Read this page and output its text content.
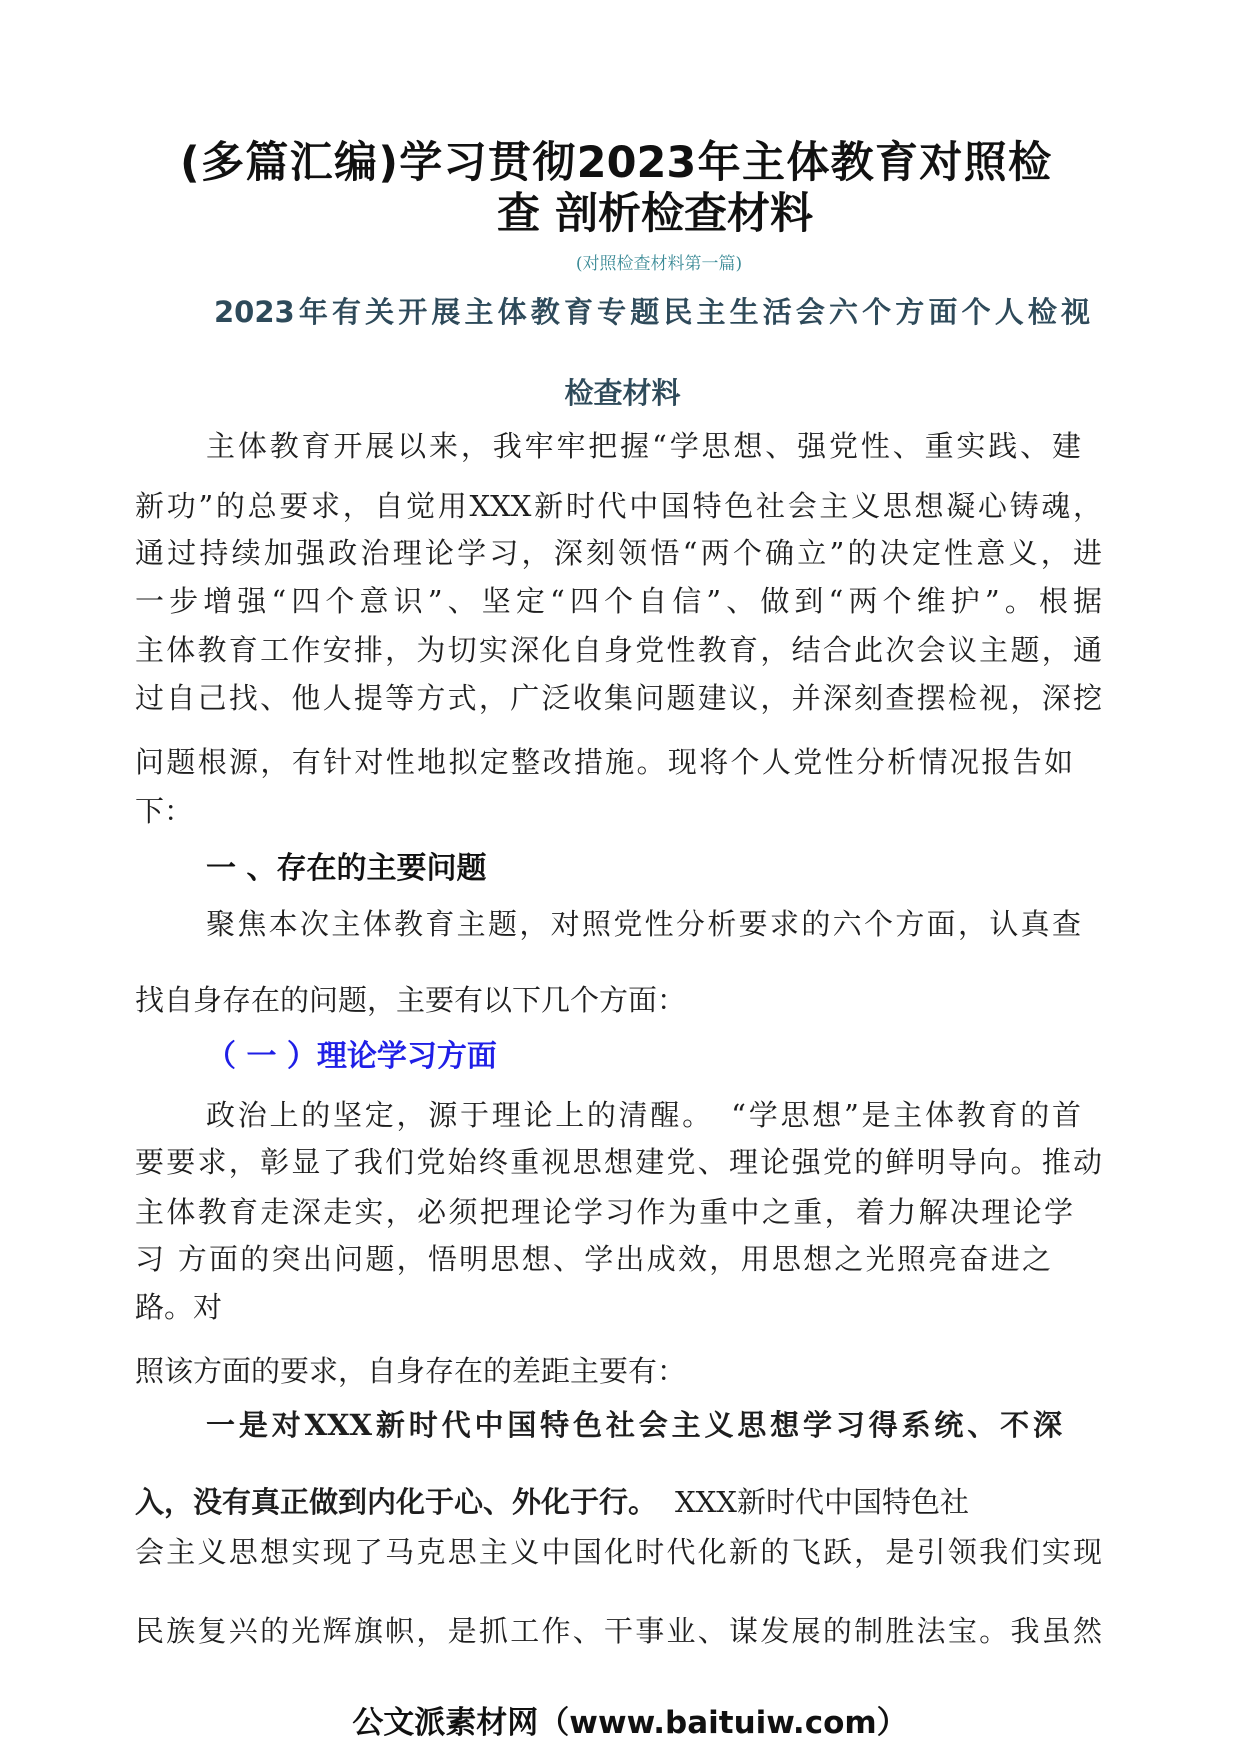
(多篇汇编)学习贯彻2023年主体教育对照检
查 剖析检查材料
(对照检查材料第一篇)
2023年有关开展主体教育专题民主生活会六个方面个人检视
检查材料
主体教育开展以来，我牢牢把握“学思想、强党性、重实践、建
新功”的总要求，自觉用XXX新时代中国特色社会主义思想凝心铸魂，
通过持续加强政治理论学习，深刻领悟“两个确立”的决定性意义，进
一步增强“四个意识”、坚定“四个自信”、做到“两个维护”。根据
主体教育工作安排，为切实深化自身党性教育，结合此次会议主题，通
过自己找、他人提等方式，广泛收集问题建议，并深刻查摆检视，深挖
问题根源，有针对性地拟定整改措施。现将个人党性分析情况报告如
下：
一 、存在的主要问题
聚焦本次主体教育主题，对照党性分析要求的六个方面，认真查
找自身存在的问题，主要有以下几个方面：
（ 一 ）理论学习方面
政治上的坚定，源于理论上的清醒。　“学思想”是主体教育的首
要要求，彰显了我们党始终重视思想建党、理论强党的鲜明导向。推动
主体教育走深走实，必须把理论学习作为重中之重，着力解决理论学
习 方面的突出问题，悟明思想、学出成效，用思想之光照亮奋进之
路。对
照该方面的要求，自身存在的差距主要有：
一是对XXX新时代中国特色社会主义思想学习得系统、不深
入，没有真正做到内化于心、外化于行。 XXX新时代中国特色社
会主义思想实现了马克思主义中国化时代化新的飞跃，是引领我们实现
民族复兴的光辉旗帜，是抓工作、干事业、谋发展的制胜法宝。我虽然
公文派素材网（www.baituiw.com）
